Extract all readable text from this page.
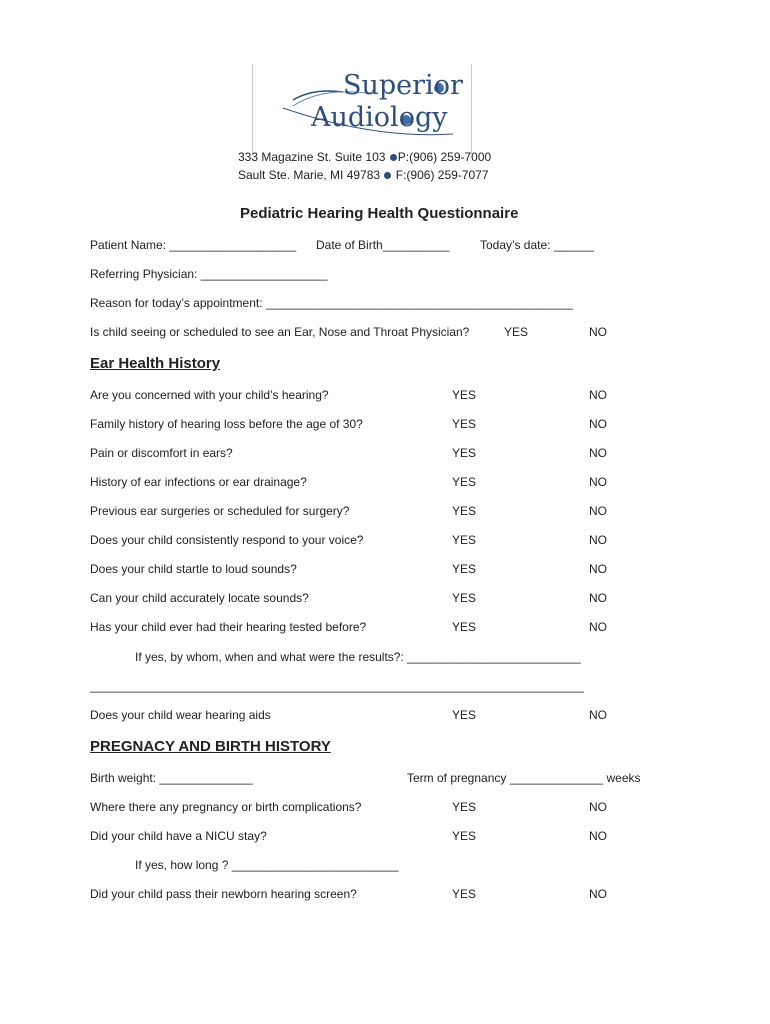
Superior
Audiology
333 Magazine St. Suite 103 P:(906) 259-7000
Sault Ste. Marie, MI 49783 F:(906) 259-7077
Pediatric Hearing Health Questionnaire
Patient Name: ___________________ Date of Birth__________	Today’s date: ______
Referring Physician: ___________________
Reason for today’s appointment: ______________________________________________
Is child seeing or scheduled to see an Ear, Nose and Throat Physician?	YES	NO
Ear Health History
Are you concerned with your child’s hearing?	YES	NO
Family history of hearing loss before the age of 30?	YES	NO
Pain or discomfort in ears?	YES	NO
History of ear infections or ear drainage?	YES	NO
Previous ear surgeries or scheduled for surgery?	YES	NO
Does your child consistently respond to your voice?	YES	NO
Does your child startle to loud sounds?	YES	NO
Can your child accurately locate sounds?	YES	NO
Has your child ever had their hearing tested before?	YES	NO
If yes, by whom, when and what were the results?: __________________________
__________________________________________________________________________
Does your child wear hearing aids	YES	NO
PREGNACY AND BIRTH HISTORY
Birth weight: ______________	Term of pregnancy ______________ weeks
Where there any pregnancy or birth complications?	YES	NO
Did your child have a NICU stay?	YES	NO
If yes, how long ? _________________________
Did your child pass their newborn hearing screen?	YES	NO
